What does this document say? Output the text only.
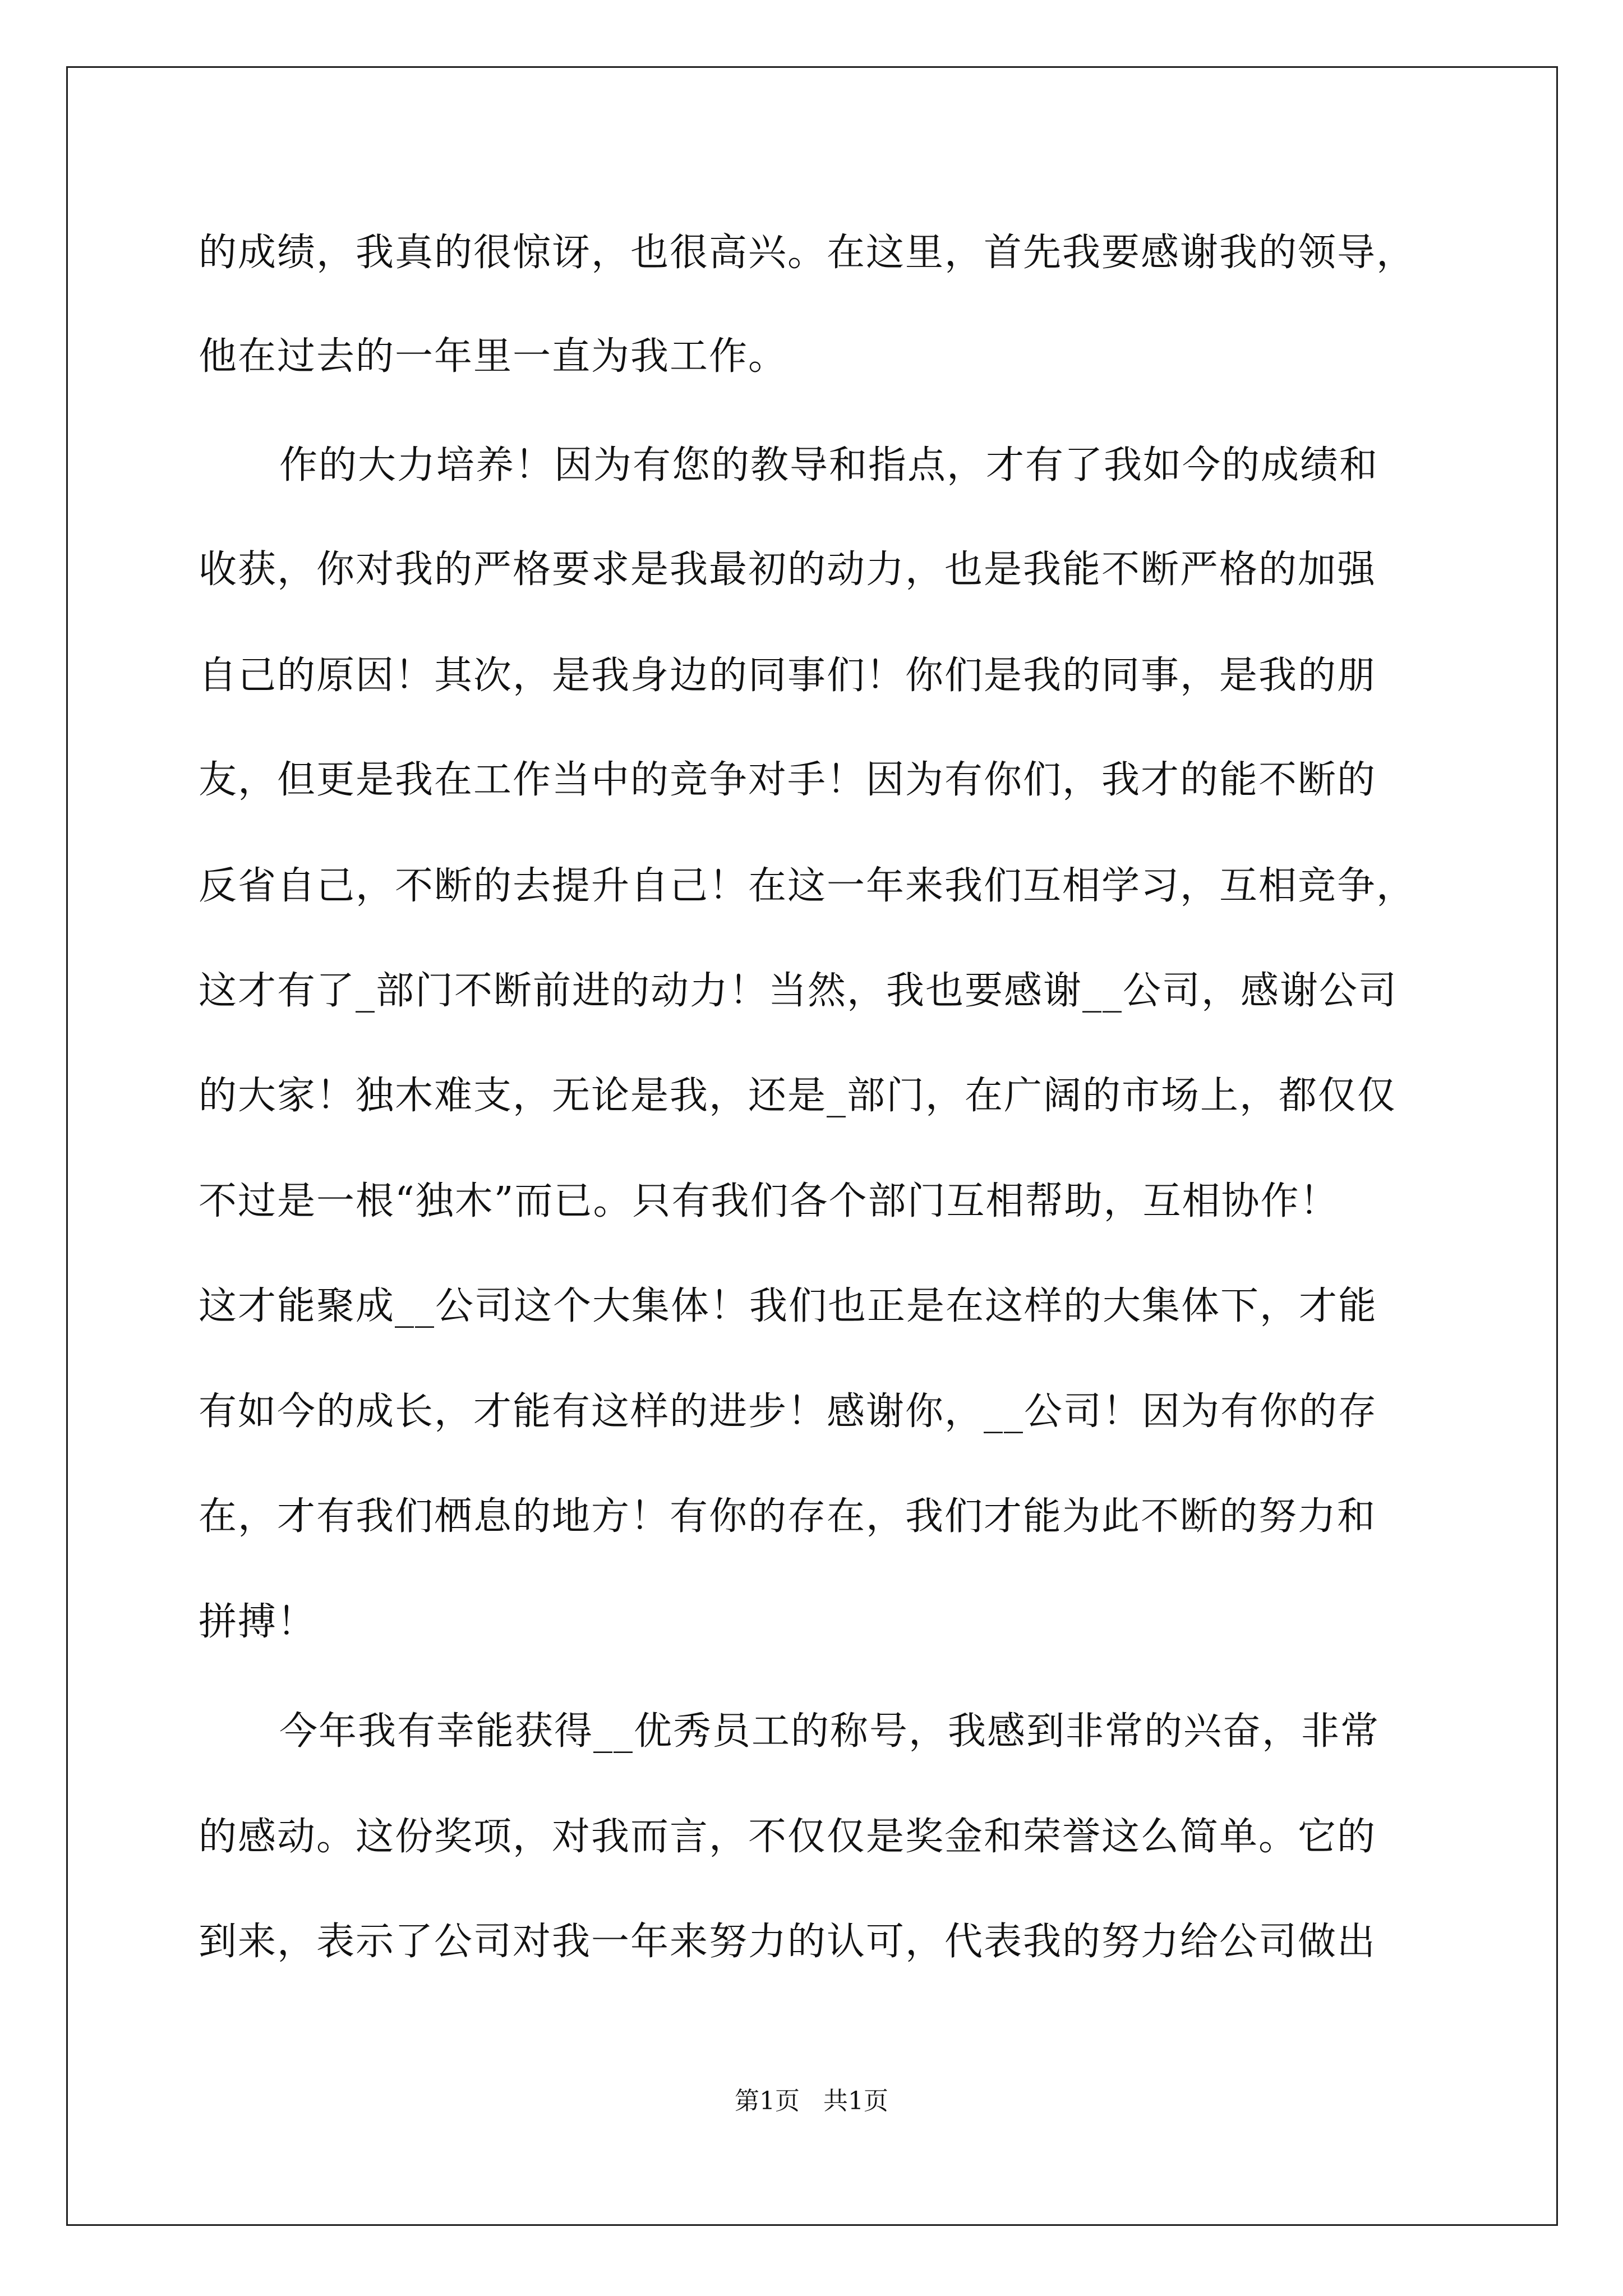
的成绩，我真的很惊讶，也很高兴。在这里，首先我要感谢我的领导，
他在过去的一年里一直为我工作。
作的大力培养！因为有您的教导和指点，才有了我如今的成绩和
收获，你对我的严格要求是我最初的动力，也是我能不断严格的加强
自己的原因！其次，是我身边的同事们！你们是我的同事，是我的朋
友，但更是我在工作当中的竞争对手！因为有你们，我才的能不断的
反省自己，不断的去提升自己！在这一年来我们互相学习，互相竞争，
这才有了_部门不断前进的动力！当然，我也要感谢__公司，感谢公司
的大家！独木难支，无论是我，还是_部门，在广阔的市场上，都仅仅
不过是一根“独木”而已。只有我们各个部门互相帮助，互相协作！
这才能聚成__公司这个大集体！我们也正是在这样的大集体下，才能
有如今的成长，才能有这样的进步！感谢你，__公司！因为有你的存
在，才有我们栖息的地方！有你的存在，我们才能为此不断的努力和
拼搏！
今年我有幸能获得__优秀员工的称号，我感到非常的兴奋，非常
的感动。这份奖项，对我而言，不仅仅是奖金和荣誉这么简单。它的
到来，表示了公司对我一年来努力的认可，代表我的努力给公司做出
第1页   共1页
